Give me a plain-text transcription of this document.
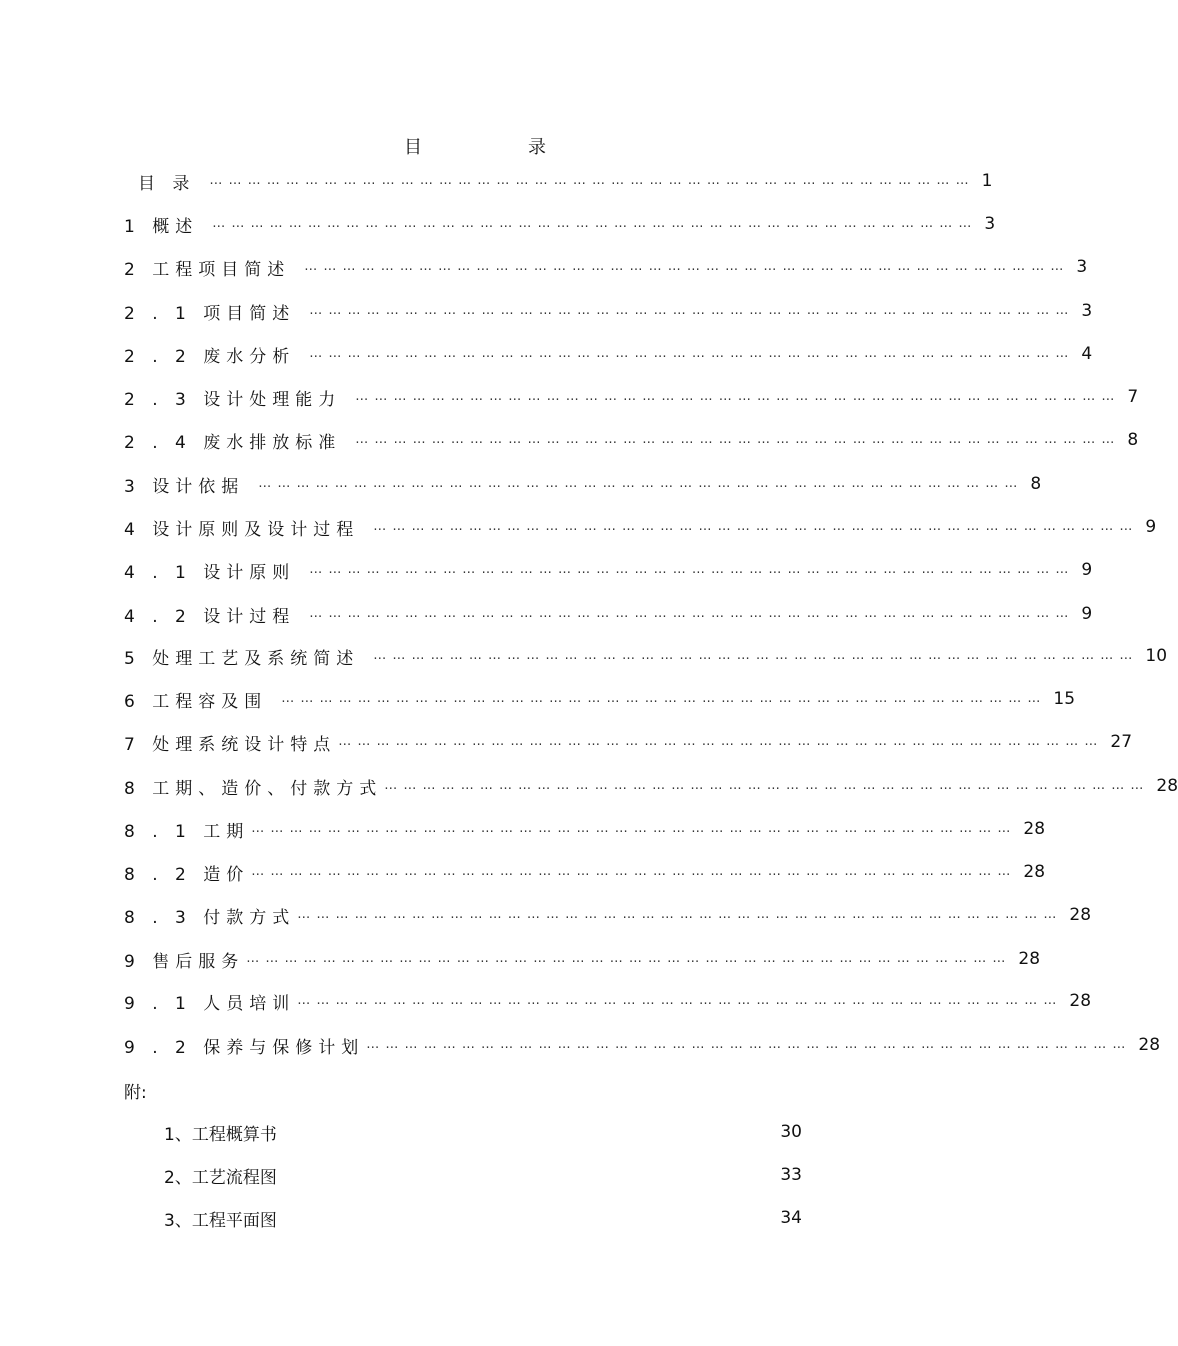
目　录
目 录 … … … … … … … … … … … … … … … … … … … … … … … … … … … … … … … … … … … … … … … … 1
1 概述 … … … … … … … … … … … … … … … … … … … … … … … … … … … … … … … … … … … … … … … … 3
2 工程项目简述 … … … … … … … … … … … … … … … … … … … … … … … … … … … … … … … … … … … … … … … … 3
2 . 1 项目简述 … … … … … … … … … … … … … … … … … … … … … … … … … … … … … … … … … … … … … … … … 3
2 . 2 废水分析 … … … … … … … … … … … … … … … … … … … … … … … … … … … … … … … … … … … … … … … … 4
2 . 3 设计处理能力 … … … … … … … … … … … … … … … … … … … … … … … … … … … … … … … … … … … … … … … … 7
2 . 4 废水排放标准 … … … … … … … … … … … … … … … … … … … … … … … … … … … … … … … … … … … … … … … … 8
3 设计依据 … … … … … … … … … … … … … … … … … … … … … … … … … … … … … … … … … … … … … … … … 8
4 设计原则及设计过程 … … … … … … … … … … … … … … … … … … … … … … … … … … … … … … … … … … … … … … … … 9
4 . 1 设计原则 … … … … … … … … … … … … … … … … … … … … … … … … … … … … … … … … … … … … … … … … 9
4 . 2 设计过程 … … … … … … … … … … … … … … … … … … … … … … … … … … … … … … … … … … … … … … … … 9
5 处理工艺及系统简述 … … … … … … … … … … … … … … … … … … … … … … … … … … … … … … … … … … … … … … … … 10
6 工程容及围 … … … … … … … … … … … … … … … … … … … … … … … … … … … … … … … … … … … … … … … … 15
7 处理系统设计特点 … … … … … … … … … … … … … … … … … … … … … … … … … … … … … … … … … … … … … … … … 27
8 工期、造价、付款方式 … … … … … … … … … … … … … … … … … … … … … … … … … … … … … … … … … … … … … … … … 28
8 . 1 工期 … … … … … … … … … … … … … … … … … … … … … … … … … … … … … … … … … … … … … … … … 28
8 . 2 造价 … … … … … … … … … … … … … … … … … … … … … … … … … … … … … … … … … … … … … … … … 28
8 . 3 付款方式 … … … … … … … … … … … … … … … … … … … … … … … … … … … … … … … … … … … … … … … … 28
9 售后服务 … … … … … … … … … … … … … … … … … … … … … … … … … … … … … … … … … … … … … … … … 28
9 . 1 人员培训 … … … … … … … … … … … … … … … … … … … … … … … … … … … … … … … … … … … … … … … … 28
9 . 2 保养与保修计划 … … … … … … … … … … … … … … … … … … … … … … … … … … … … … … … … … … … … … … … … 28
附:
1、工程概算书	30
2、工艺流程图	33
3、工程平面图	34
